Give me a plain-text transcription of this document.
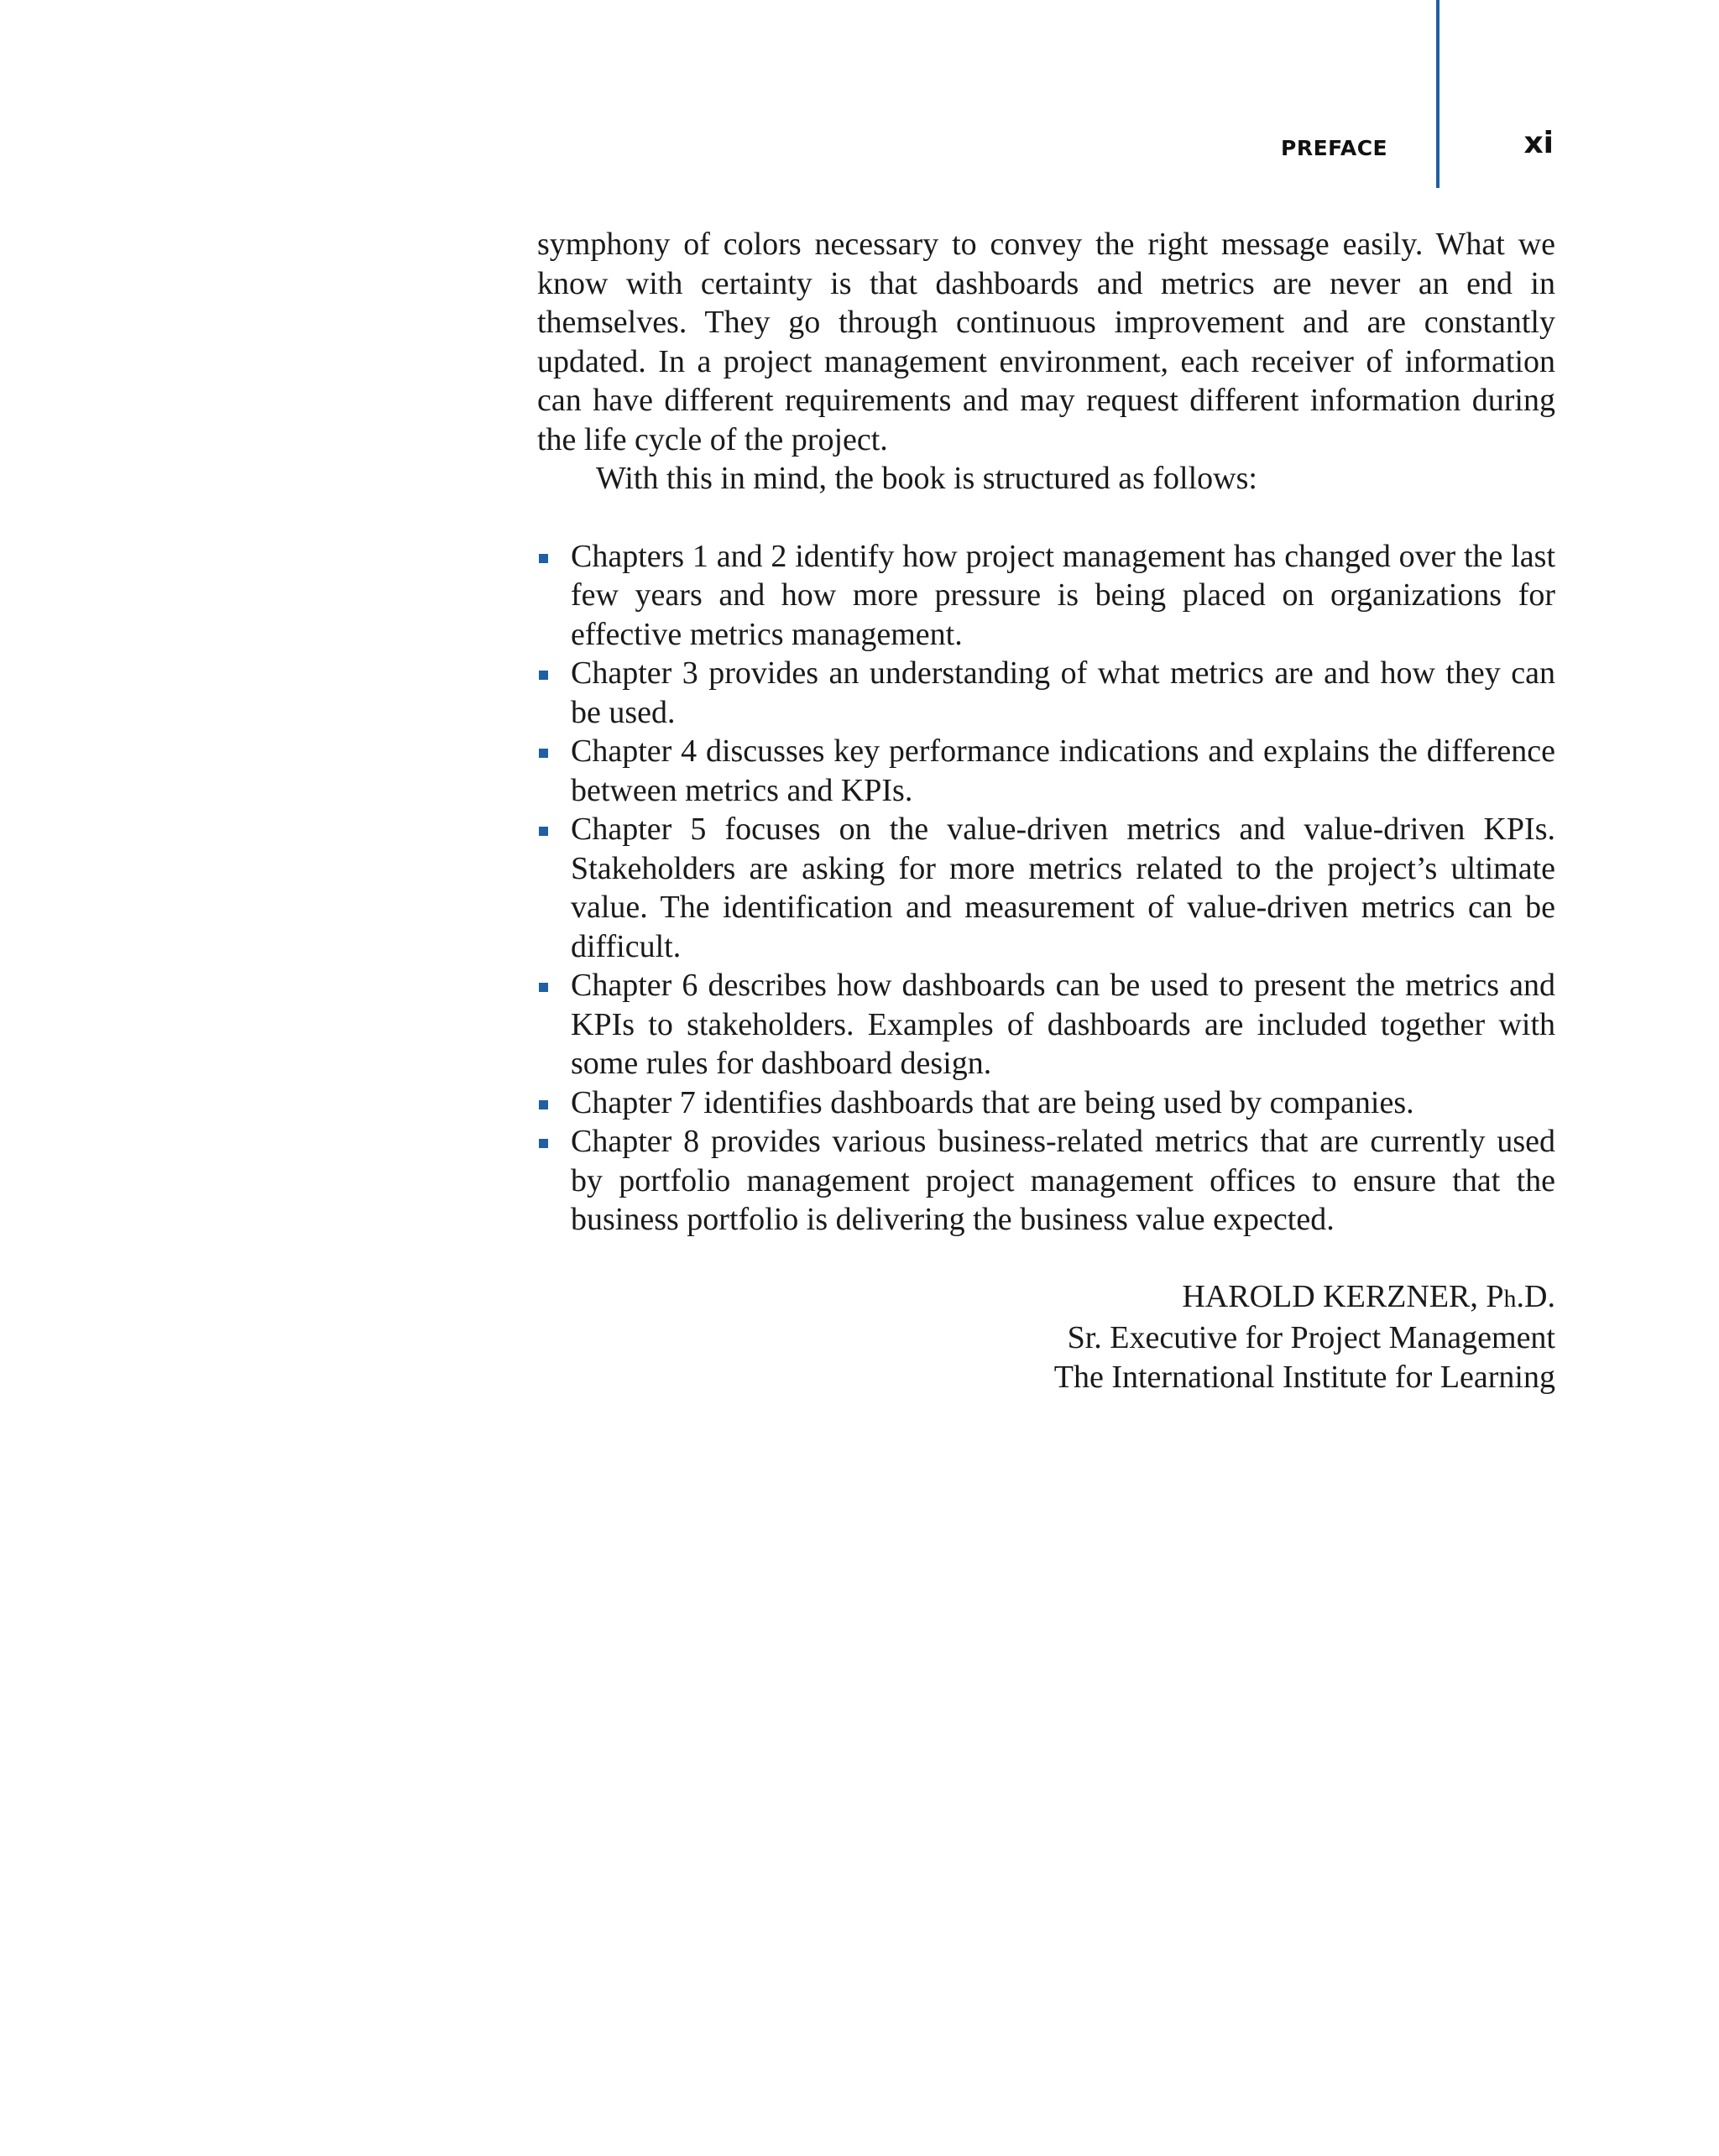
PREFACE	xi

symphony of colors necessary to convey the right message easily. What we know with certainty is that dashboards and metrics are never an end in themselves. They go through continuous improvement and are constantly updated. In a project management environment, each receiver of information can have different requirements and may request different information during the life cycle of the project.

With this in mind, the book is structured as follows:

Chapters 1 and 2 identify how project management has changed over the last few years and how more pressure is being placed on organizations for effective metrics management.
Chapter 3 provides an understanding of what metrics are and how they can be used.
Chapter 4 discusses key performance indications and explains the difference between metrics and KPIs.
Chapter 5 focuses on the value-driven metrics and value-driven KPIs. Stakeholders are asking for more metrics related to the project’s ultimate value. The identification and measurement of value-driven metrics can be difficult.
Chapter 6 describes how dashboards can be used to present the metrics and KPIs to stakeholders. Examples of dashboards are included together with some rules for dashboard design.
Chapter 7 identifies dashboards that are being used by companies.
Chapter 8 provides various business-related metrics that are currently used by portfolio management project management offices to ensure that the business portfolio is delivering the business value expected.
HAROLD KERZNER, Ph.D.
Sr. Executive for Project Management
The International Institute for Learning
